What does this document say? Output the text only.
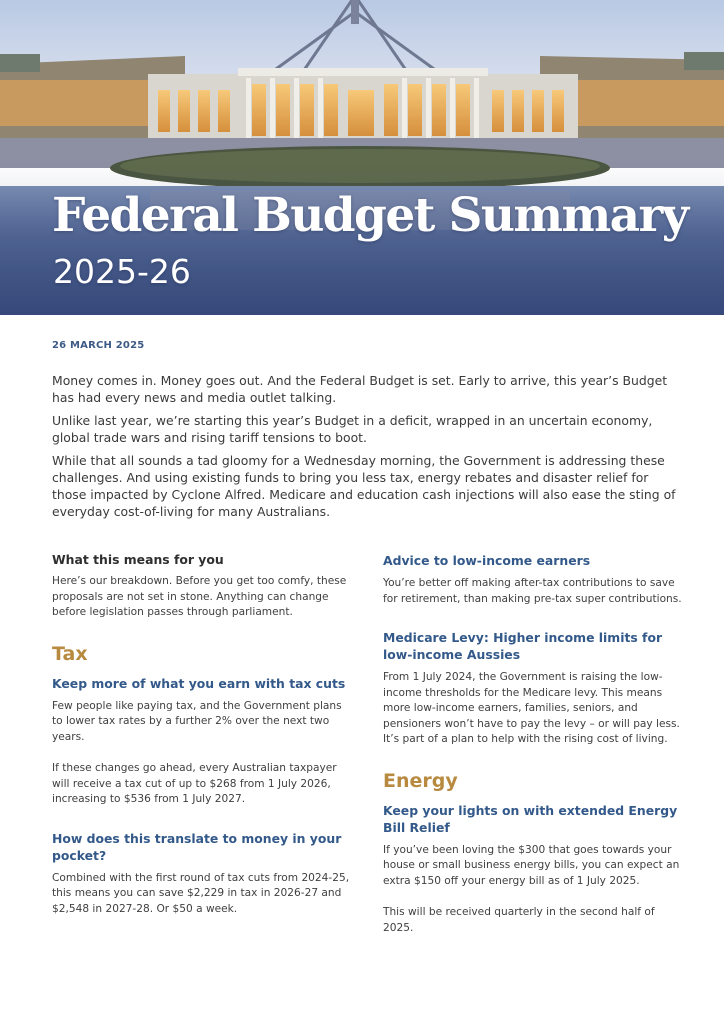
Federal Budget Summary
2025-26
26 MARCH 2025

Money comes in. Money goes out. And the Federal Budget is set. Early to arrive, this year’s Budget has had every news and media outlet talking.

Unlike last year, we’re starting this year’s Budget in a deficit, wrapped in an uncertain economy, global trade wars and rising tariff tensions to boot.

While that all sounds a tad gloomy for a Wednesday morning, the Government is addressing these challenges. And using existing funds to bring you less tax, energy rebates and disaster relief for those impacted by Cyclone Alfred. Medicare and education cash injections will also ease the sting of everyday cost-of-living for many Australians.

What this means for you

Here’s our breakdown. Before you get too comfy, these proposals are not set in stone. Anything can change before legislation passes through parliament.

Tax
Keep more of what you earn with tax cuts

Few people like paying tax, and the Government plans to lower tax rates by a further 2% over the next two years.

If these changes go ahead, every Australian taxpayer will receive a tax cut of up to $268 from 1 July 2026, increasing to $536 from 1 July 2027.

How does this translate to money in your pocket?

Combined with the first round of tax cuts from 2024-25, this means you can save $2,229 in tax in 2026-27 and $2,548 in 2027-28. Or $50 a week.

Advice to low-income earners

You’re better off making after-tax contributions to save for retirement, than making pre-tax super contributions.

Medicare Levy: Higher income limits for low-income Aussies

From 1 July 2024, the Government is raising the low- income thresholds for the Medicare levy. This means more low-income earners, families, seniors, and pensioners won’t have to pay the levy – or will pay less. It’s part of a plan to help with the rising cost of living.

Energy
Keep your lights on with extended Energy Bill Relief

If you’ve been loving the $300 that goes towards your house or small business energy bills, you can expect an extra $150 off your energy bill as of 1 July 2025.

This will be received quarterly in the second half of 2025.
